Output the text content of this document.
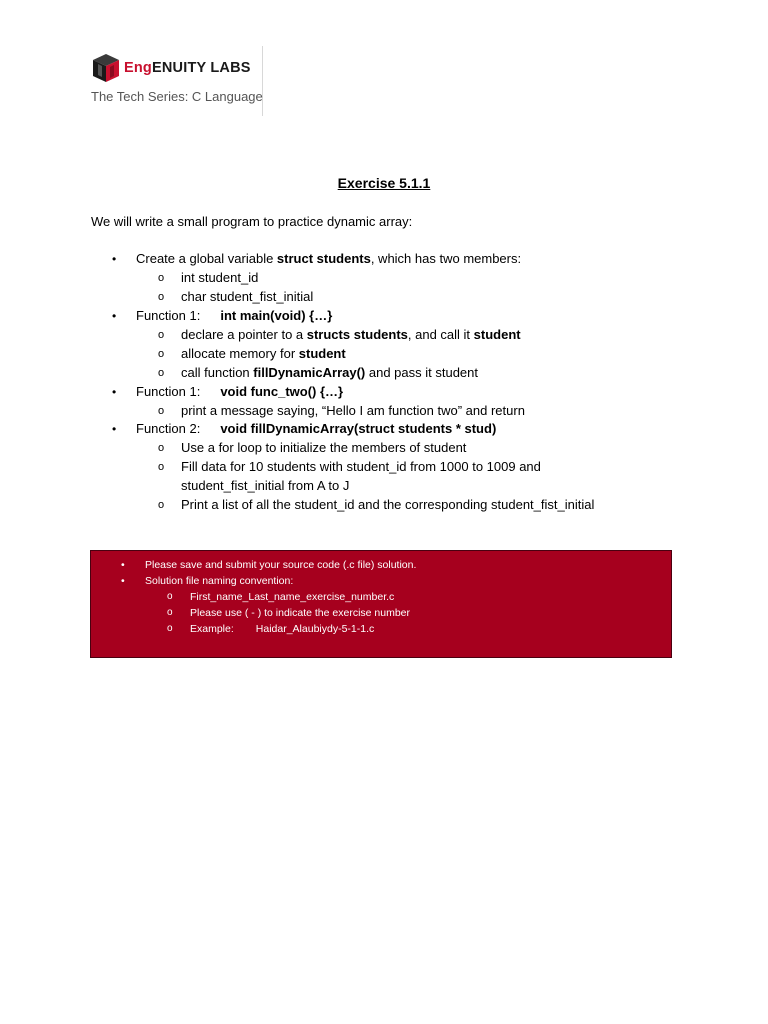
EngENUITY LABS
The Tech Series: C Language
Exercise 5.1.1
We will write a small program to practice dynamic array:
• Create a global variable struct students, which has two members:
o int student_id
o char student_fist_initial
• Function 1: int main(void) {…}
o declare a pointer to a structs students, and call it student
o allocate memory for student
o call function fillDynamicArray() and pass it student
• Function 1: void func_two() {…}
o print a message saying, “Hello I am function two” and return
• Function 2: void fillDynamicArray(struct students * stud)
o Use a for loop to initialize the members of student
o Fill data for 10 students with student_id from 1000 to 1009 and
student_fist_initial from A to J
o Print a list of all the student_id and the corresponding student_fist_initial
• Please save and submit your source code (.c file) solution.
• Solution file naming convention:
o First_name_Last_name_exercise_number.c
o Please use ( - ) to indicate the exercise number
o Example: Haidar_Alaubiydy-5-1-1.c
